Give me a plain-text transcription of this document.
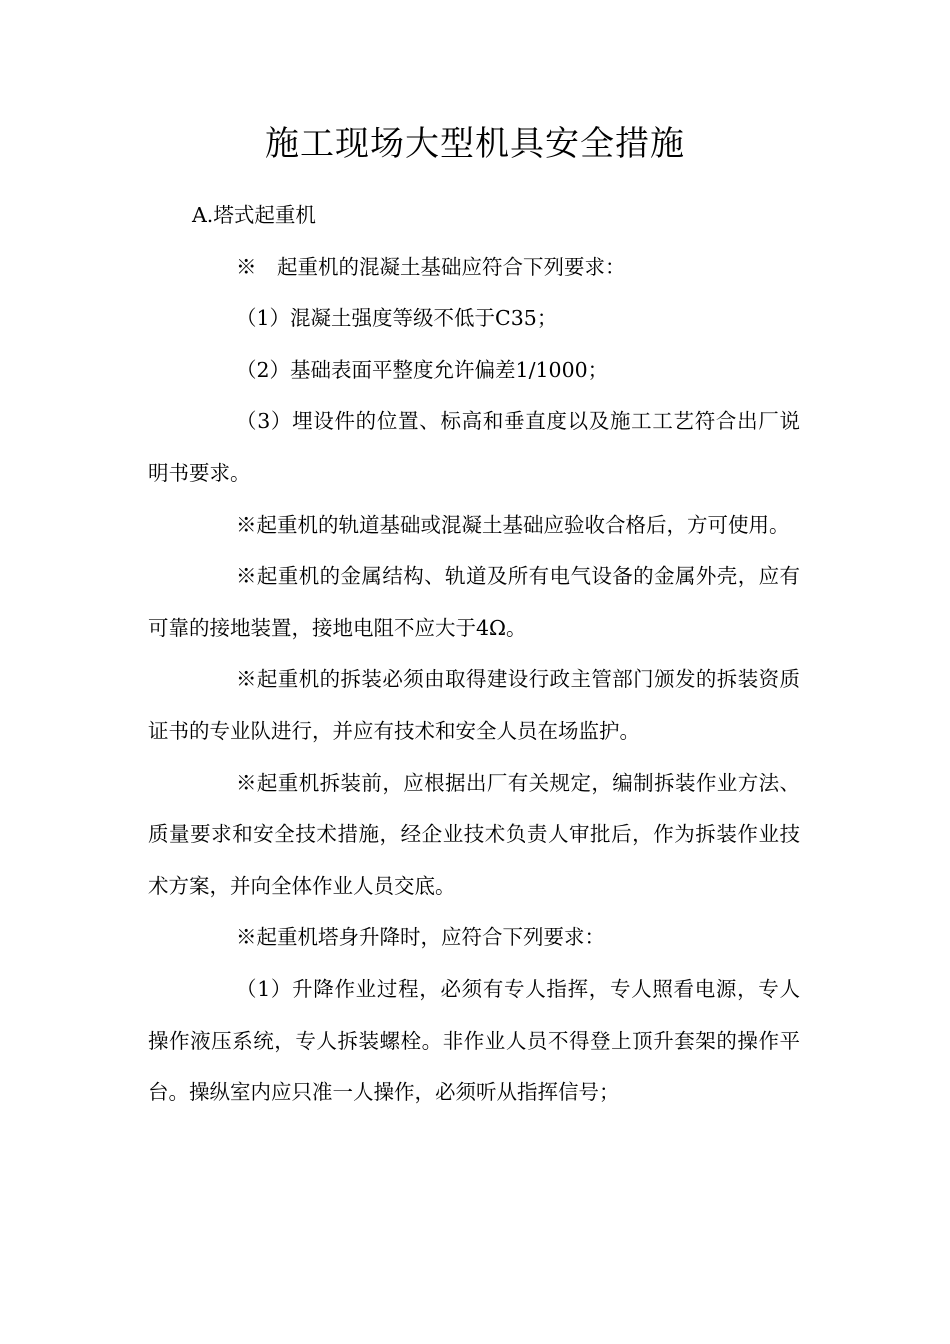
施工现场大型机具安全措施

A.塔式起重机

※　起重机的混凝土基础应符合下列要求：

（1）混凝土强度等级不低于C35；

（2）基础表面平整度允许偏差1/1000；

（3）埋设件的位置、标高和垂直度以及施工工艺符合出厂说明书要求。

※起重机的轨道基础或混凝土基础应验收合格后，方可使用。

※起重机的金属结构、轨道及所有电气设备的金属外壳，应有可靠的接地装置，接地电阻不应大于4Ω。

※起重机的拆装必须由取得建设行政主管部门颁发的拆装资质证书的专业队进行，并应有技术和安全人员在场监护。

※起重机拆装前，应根据出厂有关规定，编制拆装作业方法、质量要求和安全技术措施，经企业技术负责人审批后，作为拆装作业技术方案，并向全体作业人员交底。

※起重机塔身升降时，应符合下列要求：

（1）升降作业过程，必须有专人指挥，专人照看电源，专人操作液压系统，专人拆装螺栓。非作业人员不得登上顶升套架的操作平台。操纵室内应只准一人操作，必须听从指挥信号；
